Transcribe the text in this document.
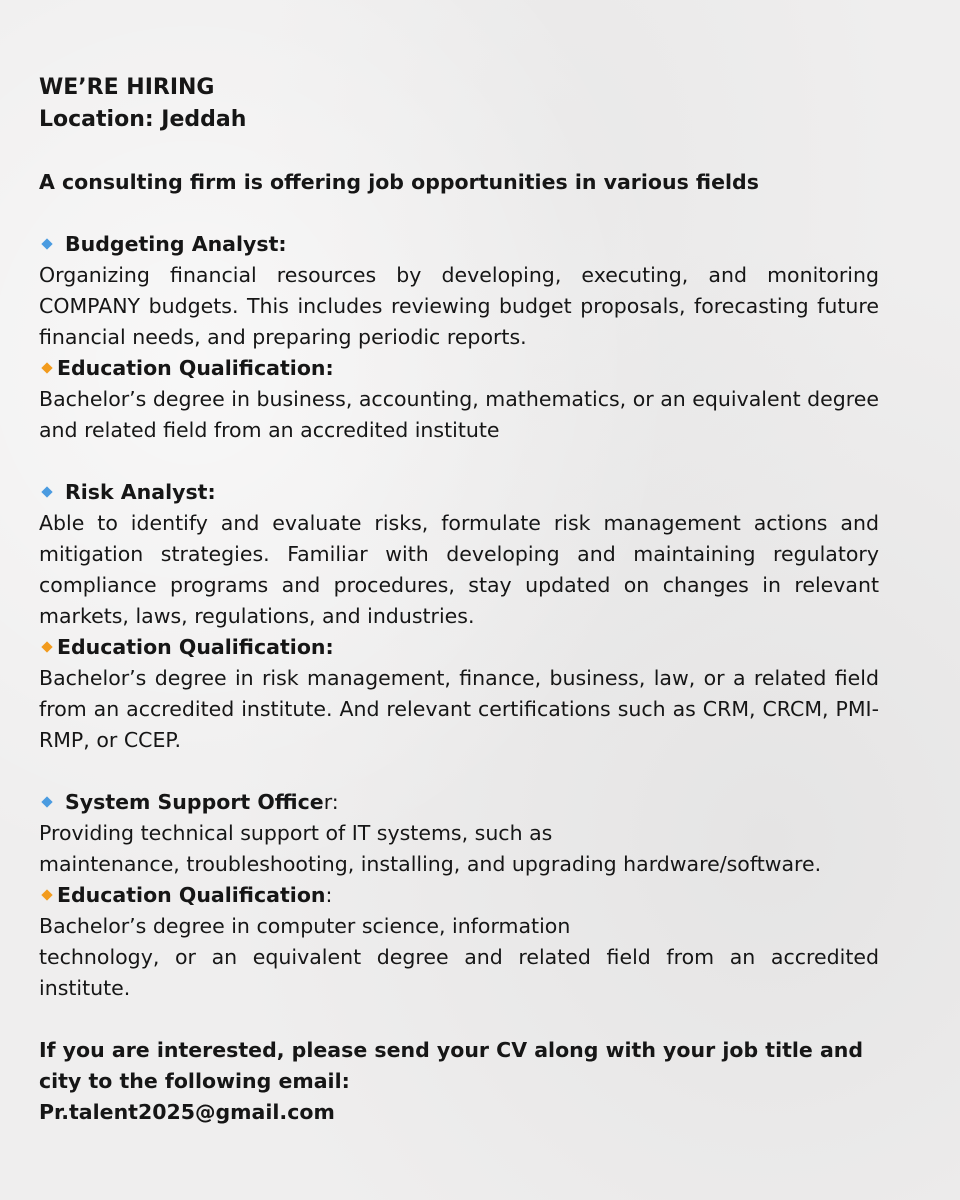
WE’RE HIRING
Location: Jeddah
A consulting firm is offering job opportunities in various fields
Budgeting Analyst:
Organizing financial resources by developing, executing, and monitoring COMPANY budgets. This includes reviewing budget proposals, forecasting future financial needs, and preparing periodic reports.
Education Qualification:
Bachelor’s degree in business, accounting, mathematics, or an equivalent degree and related field from an accredited institute
Risk Analyst:
Able to identify and evaluate risks, formulate risk management actions and mitigation strategies. Familiar with developing and maintaining regulatory compliance programs and procedures, stay updated on changes in relevant markets, laws, regulations, and industries.
Education Qualification:
Bachelor’s degree in risk management, finance, business, law, or a related field from an accredited institute. And relevant certifications such as CRM, CRCM, PMI-RMP, or CCEP.
System Support Officer:
Providing technical support of IT systems, such as
maintenance, troubleshooting, installing, and upgrading hardware/software.
Education Qualification:
Bachelor’s degree in computer science, information
technology, or an equivalent degree and related field from an accredited institute.
If you are interested, please send your CV along with your job title and city to the following email:
Pr.talent2025@gmail.com
